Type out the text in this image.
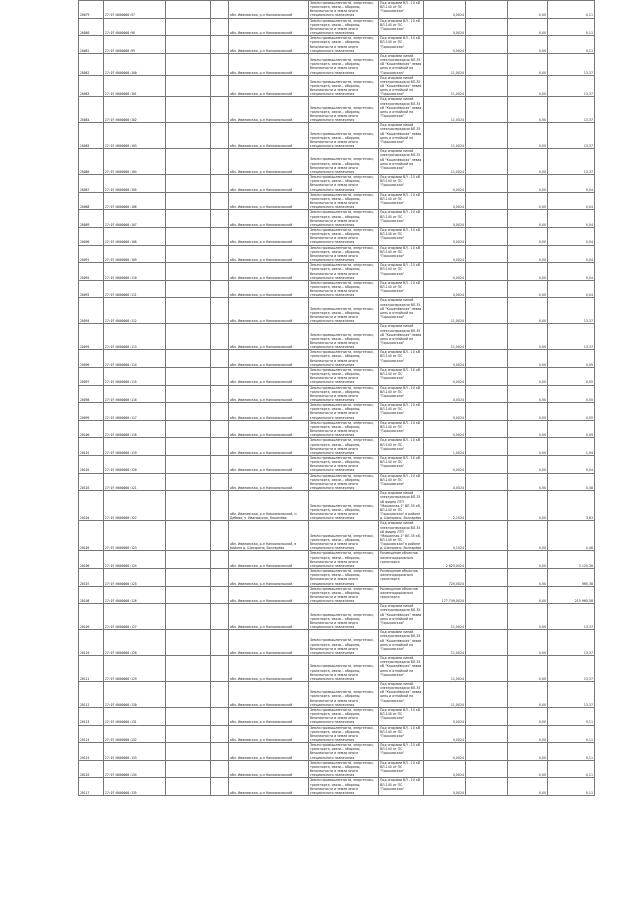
20079	27:07:0000000:97			обл. Ивановская, р-н Комсомольский	Земли промышленности, энергетики, транспорта, связи... обороны, безопасности и земли иного специального назначения	Под опорами ВЛ - 10 кВ ВЛ-140 от ПС "Горьковская"	0,0024		0,00	0,11
20080	27:07:0000000:98			обл. Ивановская, р-н Комсомольский	Земли промышленности, энергетики, транспорта, связи... обороны, безопасности и земли иного специального назначения	Под опорами ВЛ - 10 кВ ВЛ-140 от ПС "Горьковская"	0,0024		0,00	0,11
20081	27:07:0000000:99			обл. Ивановская, р-н Комсомольский	Земли промышленности, энергетики, транспорта, связи... обороны, безопасности и земли иного специального назначения	Под опорами ВЛ - 10 кВ ВЛ-140 от ПС "Горьковская"	0,0024		0,00	0,11
20082	27:07:0000000:100			обл. Ивановская, р-н Комсомольский	Земли промышленности, энергетики, транспорта, связи... обороны, безопасности и земли иного специального назначения	Под опорами линий электропередачи ВЛ-35 кВ "Кошелёвская" левая цепь и отпайкой на "Горьковская"	11,0024		0,00	13,37
20083	27:07:0000000:101			обл. Ивановская, р-н Комсомольский	Земли промышленности, энергетики, транспорта, связи... обороны, безопасности и земли иного специального назначения	Под опорами линий электропередачи ВЛ-35 кВ "Кошелёвская" левая цепь и отпайкой на "Горьковская"	11,0024		0,00	13,37
20084	27:07:0000000:102			обл. Ивановская, р-н Комсомольский	Земли промышленности, энергетики, транспорта, связи... обороны, безопасности и земли иного специального назначения	Под опорами линий электропередачи ВЛ-35 кВ "Кошелёвская" левая цепь и отпайкой на "Горьковская"	11,0024		0,00	13,37
20085	27:07:0000000:103			обл. Ивановская, р-н Комсомольский	Земли промышленности, энергетики, транспорта, связи... обороны, безопасности и земли иного специального назначения	Под опорами линий электропередачи ВЛ-35 кВ "Кошелёвская" левая цепь и отпайкой на "Горьковская"	11,0024		0,00	13,37
20086	27:07:0000000:104			обл. Ивановская, р-н Комсомольский	Земли промышленности, энергетики, транспорта, связи... обороны, безопасности и земли иного специального назначения	Под опорами линий электропередачи ВЛ-35 кВ "Кошелёвская" левая цепь и отпайкой на "Горьковская"	11,0024		0,00	13,37
20087	27:07:0000000:105			обл. Ивановская, р-н Комсомольский	Земли промышленности, энергетики, транспорта, связи... обороны, безопасности и земли иного специального назначения	Под опорами ВЛ - 10 кВ ВЛ-140 от ПС "Горьковская"	0,0024		0,00	0,04
20088	27:07:0000000:106			обл. Ивановская, р-н Комсомольский	Земли промышленности, энергетики, транспорта, связи... обороны, безопасности и земли иного специального назначения	Под опорами ВЛ - 10 кВ ВЛ-140 от ПС "Горьковская"	0,0024		0,00	0,04
20089	27:07:0000000:107			обл. Ивановская, р-н Комсомольский	Земли промышленности, энергетики, транспорта, связи... обороны, безопасности и земли иного специального назначения	Под опорами ВЛ - 10 кВ ВЛ-140 от ПС "Горьковская"	0,0024		0,00	0,04
20090	27:07:0000000:108			обл. Ивановская, р-н Комсомольский	Земли промышленности, энергетики, транспорта, связи... обороны, безопасности и земли иного специального назначения	Под опорами ВЛ - 10 кВ ВЛ-140 от ПС "Горьковская"	0,0024		0,00	0,04
20091	27:07:0000000:109			обл. Ивановская, р-н Комсомольский	Земли промышленности, энергетики, транспорта, связи... обороны, безопасности и земли иного специального назначения	Под опорами ВЛ - 10 кВ ВЛ-140 от ПС "Горьковская"	0,0024		0,00	0,04
20092	27:07:0000000:110			обл. Ивановская, р-н Комсомольский	Земли промышленности, энергетики, транспорта, связи... обороны, безопасности и земли иного специального назначения	Под опорами ВЛ - 10 кВ ВЛ-140 от ПС "Горьковская"	0,0024		0,00	0,04
20093	27:07:0000000:111			обл. Ивановская, р-н Комсомольский	Земли промышленности, энергетики, транспорта, связи... обороны, безопасности и земли иного специального назначения	Под опорами ВЛ - 10 кВ ВЛ-140 от ПС "Горьковская"	0,0024		0,00	0,04
20094	27:07:0000000:112			обл. Ивановская, р-н Комсомольский	Земли промышленности, энергетики, транспорта, связи... обороны, безопасности и земли иного специального назначения	Под опорами линий электропередачи ВЛ-35 кВ "Кошелёвская" левая цепь и отпайкой на "Горьковская"	11,0024		0,00	13,37
20095	27:07:0000000:113			обл. Ивановская, р-н Комсомольский	Земли промышленности, энергетики, транспорта, связи... обороны, безопасности и земли иного специального назначения	Под опорами линий электропередачи ВЛ-35 кВ "Кошелёвская" левая цепь и отпайкой на "Горьковская"	11,0024		0,00	13,37
20096	27:07:0000000:114			обл. Ивановская, р-н Комсомольский	Земли промышленности, энергетики, транспорта, связи... обороны, безопасности и земли иного специального назначения	Под опорами ВЛ - 10 кВ ВЛ-140 от ПС "Горьковская"	0,0024		0,00	0,05
20097	27:07:0000000:115			обл. Ивановская, р-н Комсомольский	Земли промышленности, энергетики, транспорта, связи... обороны, безопасности и земли иного специального назначения	Под опорами ВЛ - 10 кВ ВЛ-140 от ПС "Горьковская"	0,0024		0,00	0,05
20098	27:07:0000000:116			обл. Ивановская, р-н Комсомольский	Земли промышленности, энергетики, транспорта, связи... обороны, безопасности и земли иного специального назначения	Под опорами ВЛ - 10 кВ ВЛ-140 от ПС "Горьковская"	0,0024		0,00	0,05
20099	27:07:0000000:117			обл. Ивановская, р-н Комсомольский	Земли промышленности, энергетики, транспорта, связи... обороны, безопасности и земли иного специального назначения	Под опорами ВЛ - 10 кВ ВЛ-140 от ПС "Горьковская"	0,0024		0,00	0,05
20100	27:07:0000000:118			обл. Ивановская, р-н Комсомольский	Земли промышленности, энергетики, транспорта, связи... обороны, безопасности и земли иного специального назначения	Под опорами ВЛ - 10 кВ ВЛ-140 от ПС "Горьковская"	0,0024		0,00	0,05
20101	27:07:0000000:119			обл. Ивановская, р-н Комсомольский	Земли промышленности, энергетики, транспорта, связи... обороны, безопасности и земли иного специального назначения	Под опорами ВЛ - 10 кВ ВЛ-140 от ПС "Горьковская"	1,0024		0,00	1,94
20102	27:07:0000000:120			обл. Ивановская, р-н Комсомольский	Земли промышленности, энергетики, транспорта, связи... обороны, безопасности и земли иного специального назначения	Под опорами ВЛ - 10 кВ ВЛ-140 от ПС "Горьковская"	0,0024		0,00	0,04
20103	27:07:0000000:121			обл. Ивановская, р-н Комсомольский	Земли промышленности, энергетики, транспорта, связи... обороны, безопасности и земли иного специального назначения	Под опорами ВЛ - 10 кВ ВЛ-140 от ПС "Горьковская"	0,0024		0,00	0,48
20104	27:07:0000000:122			обл. Ивановская, р-н Комсомольский, п. Дебово, у. Ивановская, Кошелёво	Земли промышленности, энергетики, транспорта, связи... обороны, безопасности и земли иного специального назначения	Под опорами линий электропередачи ВЛ-35 кВ фидер ЛТП "Машинная-1" ВЛ-35 кВ, ВЛ-140 от ПС "Горьковская" и районе д. Шигорино, Волгарёво	2,1524		0,00	3,63
20105	27:07:0000000:123			обл. Ивановская, р-н Комсомольский, в районе д. Шигорино, Волгарёво	Земли промышленности, энергетики, транспорта, связи... обороны, безопасности и земли иного специального назначения	Под опорами линий электропередачи ВЛ-35 кВ фидер ЛТП "Машинная-1" ВЛ-35 кВ, ВЛ-140 от ПС "Горьковская" в районе д. Шигорино, Волгарёво	0,1024		0,00	0,48
20106	27:07:0000000:124			обл. Ивановская, р-н Комсомольский	Земли промышленности, энергетики, транспорта, связи... обороны, безопасности и земли иного специального назначения	Размещение объектов железнодорожного транспорта	2 625,0024		0,00	3 125,38
20107	27:07:0000000:125			обл. Ивановская, р-н Комсомольский	Земли промышленности, энергетики, транспорта, связи... обороны, безопасности и земли иного специального назначения	Размещение объектов железнодорожного транспорта	720,0024		0,00	965,38
20108	27:07:0000000:126			обл. Ивановская, р-н Комсомольский	Земли промышленности, энергетики, транспорта, связи... обороны, безопасности и земли иного специального назначения	Размещение объектов железнодорожного транспорта	177 749,0024		0,00	215 965,58
20109	27:07:0000000:127			обл. Ивановская, р-н Комсомольский	Земли промышленности, энергетики, транспорта, связи... обороны, безопасности и земли иного специального назначения	Под опорами линий электропередачи ВЛ-35 кВ "Кошелёвская" левая цепь и отпайкой на "Горьковская"	11,0024		0,00	13,37
20110	27:07:0000000:128			обл. Ивановская, р-н Комсомольский	Земли промышленности, энергетики, транспорта, связи... обороны, безопасности и земли иного специального назначения	Под опорами линий электропередачи ВЛ-35 кВ "Кошелёвская" левая цепь и отпайкой на "Горьковская"	11,0024		0,00	13,37
20111	27:07:0000000:129			обл. Ивановская, р-н Комсомольский	Земли промышленности, энергетики, транспорта, связи... обороны, безопасности и земли иного специального назначения	Под опорами линий электропередачи ВЛ-35 кВ "Кошелёвская" левая цепь и отпайкой на "Горьковская"	11,0024		0,00	13,37
20112	27:07:0000000:130			обл. Ивановская, р-н Комсомольский	Земли промышленности, энергетики, транспорта, связи... обороны, безопасности и земли иного специального назначения	Под опорами линий электропередачи ВЛ-35 кВ "Кошелёвская" левая цепь и отпайкой на "Горьковская"	11,0024		0,00	13,37
20113	27:07:0000000:131			обл. Ивановская, р-н Комсомольский	Земли промышленности, энергетики, транспорта, связи... обороны, безопасности и земли иного специального назначения	Под опорами ВЛ - 10 кВ ВЛ-140 от ПС "Горьковская"	0,0024		0,00	0,11
20114	27:07:0000000:132			обл. Ивановская, р-н Комсомольский	Земли промышленности, энергетики, транспорта, связи... обороны, безопасности и земли иного специального назначения	Под опорами ВЛ - 10 кВ ВЛ-140 от ПС "Горьковская"	0,0024		0,00	0,11
20115	27:07:0000000:133			обл. Ивановская, р-н Комсомольский	Земли промышленности, энергетики, транспорта, связи... обороны, безопасности и земли иного специального назначения	Под опорами ВЛ - 10 кВ ВЛ-140 от ПС "Горьковская"	0,0024		0,00	0,11
20116	27:07:0000000:134			обл. Ивановская, р-н Комсомольский	Земли промышленности, энергетики, транспорта, связи... обороны, безопасности и земли иного специального назначения	Под опорами ВЛ - 10 кВ ВЛ-140 от ПС "Горьковская"	0,0024		0,00	0,11
20117	27:07:0000000:135			обл. Ивановская, р-н Комсомольский	Земли промышленности, энергетики, транспорта, связи... обороны, безопасности и земли иного специального назначения	Под опорами ВЛ - 10 кВ ВЛ-140 от ПС "Горьковская"	0,0024		0,00	0,11
